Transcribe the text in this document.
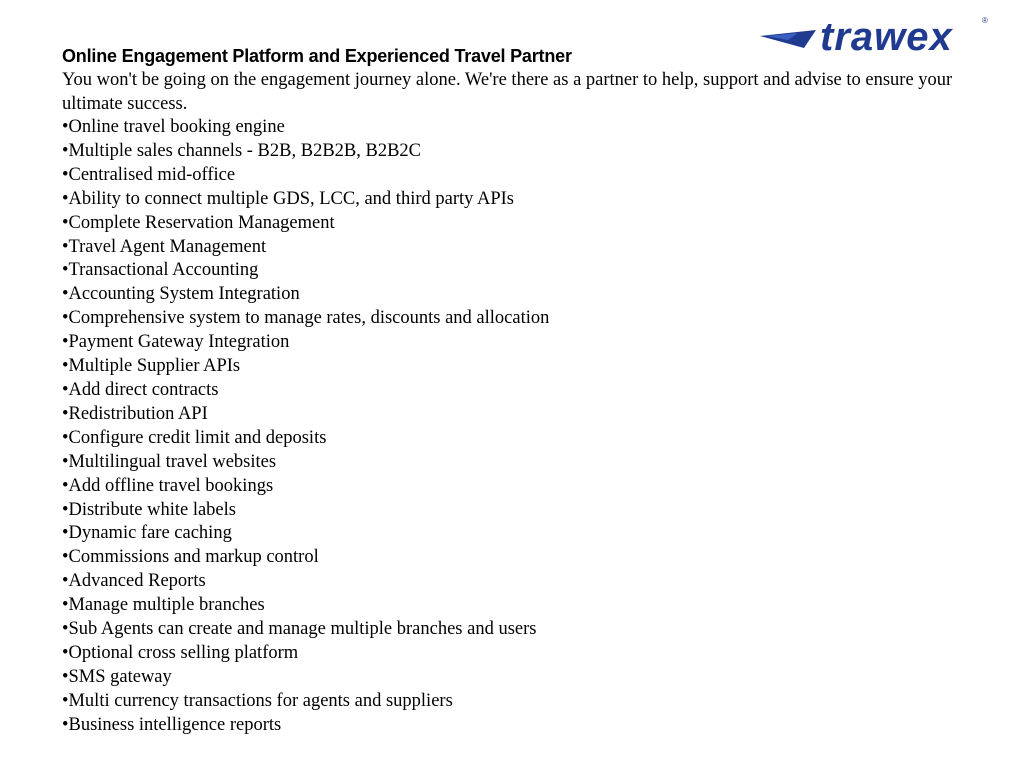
trawex	®

Online Engagement Platform and Experienced Travel Partner

You won't be going on the engagement journey alone. We're there as a partner to help, support and advise to ensure your ultimate success.

•Online travel booking engine
•Multiple sales channels - B2B, B2B2B, B2B2C
•Centralised mid-office
•Ability to connect multiple GDS, LCC, and third party APIs
•Complete Reservation Management
•Travel Agent Management
•Transactional Accounting
•Accounting System Integration
•Comprehensive system to manage rates, discounts and allocation
•Payment Gateway Integration
•Multiple Supplier APIs
•Add direct contracts
•Redistribution API
•Configure credit limit and deposits
•Multilingual travel websites
•Add offline travel bookings
•Distribute white labels
•Dynamic fare caching
•Commissions and markup control
•Advanced Reports
•Manage multiple branches
•Sub Agents can create and manage multiple branches and users
•Optional cross selling platform
•SMS gateway
•Multi currency transactions for agents and suppliers
•Business intelligence reports
